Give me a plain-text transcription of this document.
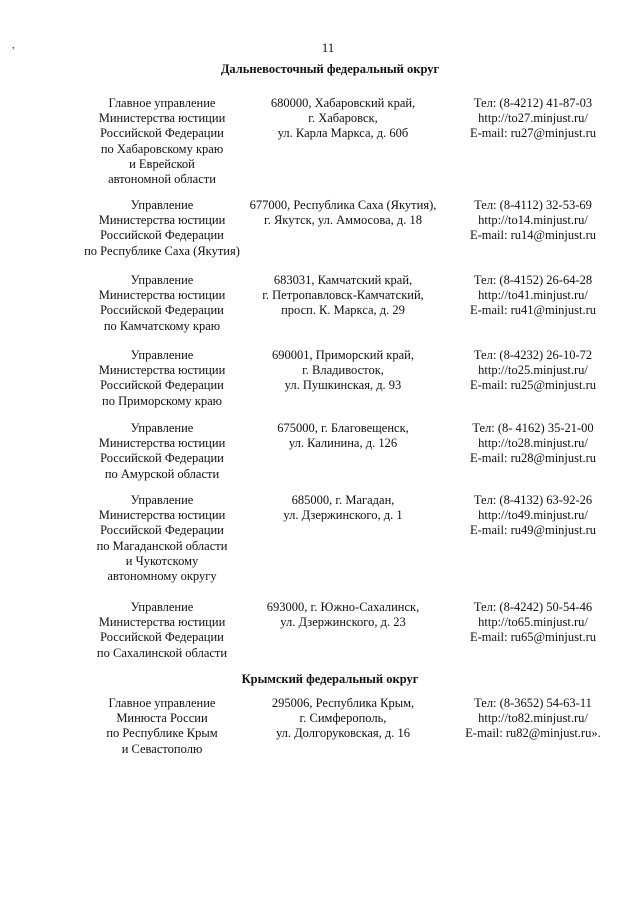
,	11
Дальневосточный федеральный округ
Главное управление
Министерства юстиции
Российской Федерации
по Хабаровскому краю
и Еврейской
автономной области
680000, Хабаровский край,
г. Хабаровск,
ул. Карла Маркса, д. 60б
Тел: (8-4212) 41-87-03
http://to27.minjust.ru/
E-mail: ru27@minjust.ru
Управление
Министерства юстиции
Российской Федерации
по Республике Саха (Якутия)
677000, Республика Саха (Якутия),
г. Якутск, ул. Аммосова, д. 18
Тел: (8-4112) 32-53-69
http://to14.minjust.ru/
E-mail: ru14@minjust.ru
Управление
Министерства юстиции
Российской Федерации
по Камчатскому краю
683031, Камчатский край,
г. Петропавловск-Камчатский,
просп. К. Маркса, д. 29
Тел: (8-4152) 26-64-28
http://to41.minjust.ru/
E-mail: ru41@minjust.ru
Управление
Министерства юстиции
Российской Федерации
по Приморскому краю
690001, Приморский край,
г. Владивосток,
ул. Пушкинская, д. 93
Тел: (8-4232) 26-10-72
http://to25.minjust.ru/
E-mail: ru25@minjust.ru
Управление
Министерства юстиции
Российской Федерации
по Амурской области
675000, г. Благовещенск,
ул. Калинина, д. 126
Тел: (8- 4162) 35-21-00
http://to28.minjust.ru/
E-mail: ru28@minjust.ru
Управление
Министерства юстиции
Российской Федерации
по Магаданской области
и Чукотскому
автономному округу
685000, г. Магадан,
ул. Дзержинского, д. 1
Тел: (8-4132) 63-92-26
http://to49.minjust.ru/
E-mail: ru49@minjust.ru
Управление
Министерства юстиции
Российской Федерации
по Сахалинской области
693000, г. Южно-Сахалинск,
ул. Дзержинского, д. 23
Тел: (8-4242) 50-54-46
http://to65.minjust.ru/
E-mail: ru65@minjust.ru
Крымский федеральный округ
Главное управление
Минюста России
по Республике Крым
и Севастополю
295006, Республика Крым,
г. Симферополь,
ул. Долгоруковская, д. 16
Тел: (8-3652) 54-63-11
http://to82.minjust.ru/
E-mail: ru82@minjust.ru».
